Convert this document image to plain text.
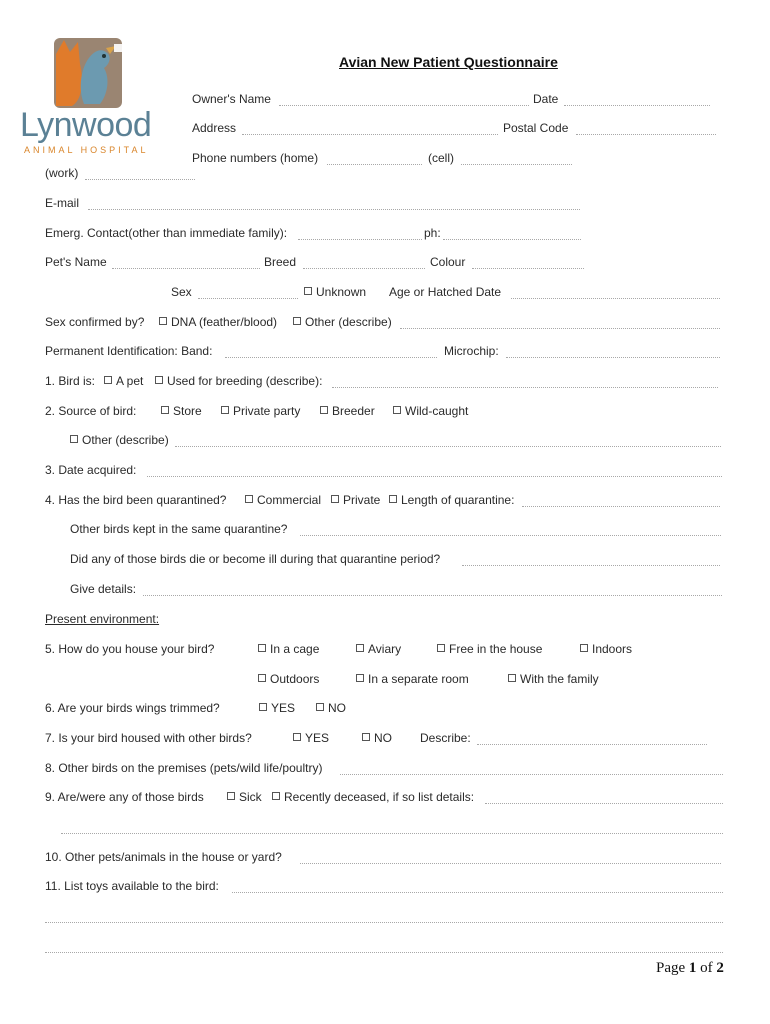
Lynwood
ANIMAL HOSPITAL
Avian New Patient Questionnaire
Owner's Name	Date
Address	Postal Code
Phone numbers (home)	(cell)
(work)
E-mail
Emerg. Contact(other than immediate family):	ph:
Pet's Name	Breed	Colour
Sex	Unknown Age or Hatched Date
Sex confirmed by?	DNA (feather/blood)	Other (describe)
Permanent Identification: Band:	Microchip:
1. Bird is:	A pet	Used for breeding (describe):
2. Source of bird:	Store	Private party	Breeder	Wild-caught
Other (describe)
3. Date acquired:
4. Has the bird been quarantined?	Commercial	Private	Length of quarantine:
Other birds kept in the same quarantine?
Did any of those birds die or become ill during that quarantine period?
Give details:
Present environment:
5. How do you house your bird?	In a cage	Aviary	Free in the house	Indoors
Outdoors	In a separate room	With the family
6. Are your birds wings trimmed?	YES	NO
7. Is your bird housed with other birds?	YES	NO Describe:
8. Other birds on the premises (pets/wild life/poultry)
9. Are/were any of those birds	Sick	Recently deceased, if so list details:
10. Other pets/animals in the house or yard?
11. List toys available to the bird:
Page 1 of 2
